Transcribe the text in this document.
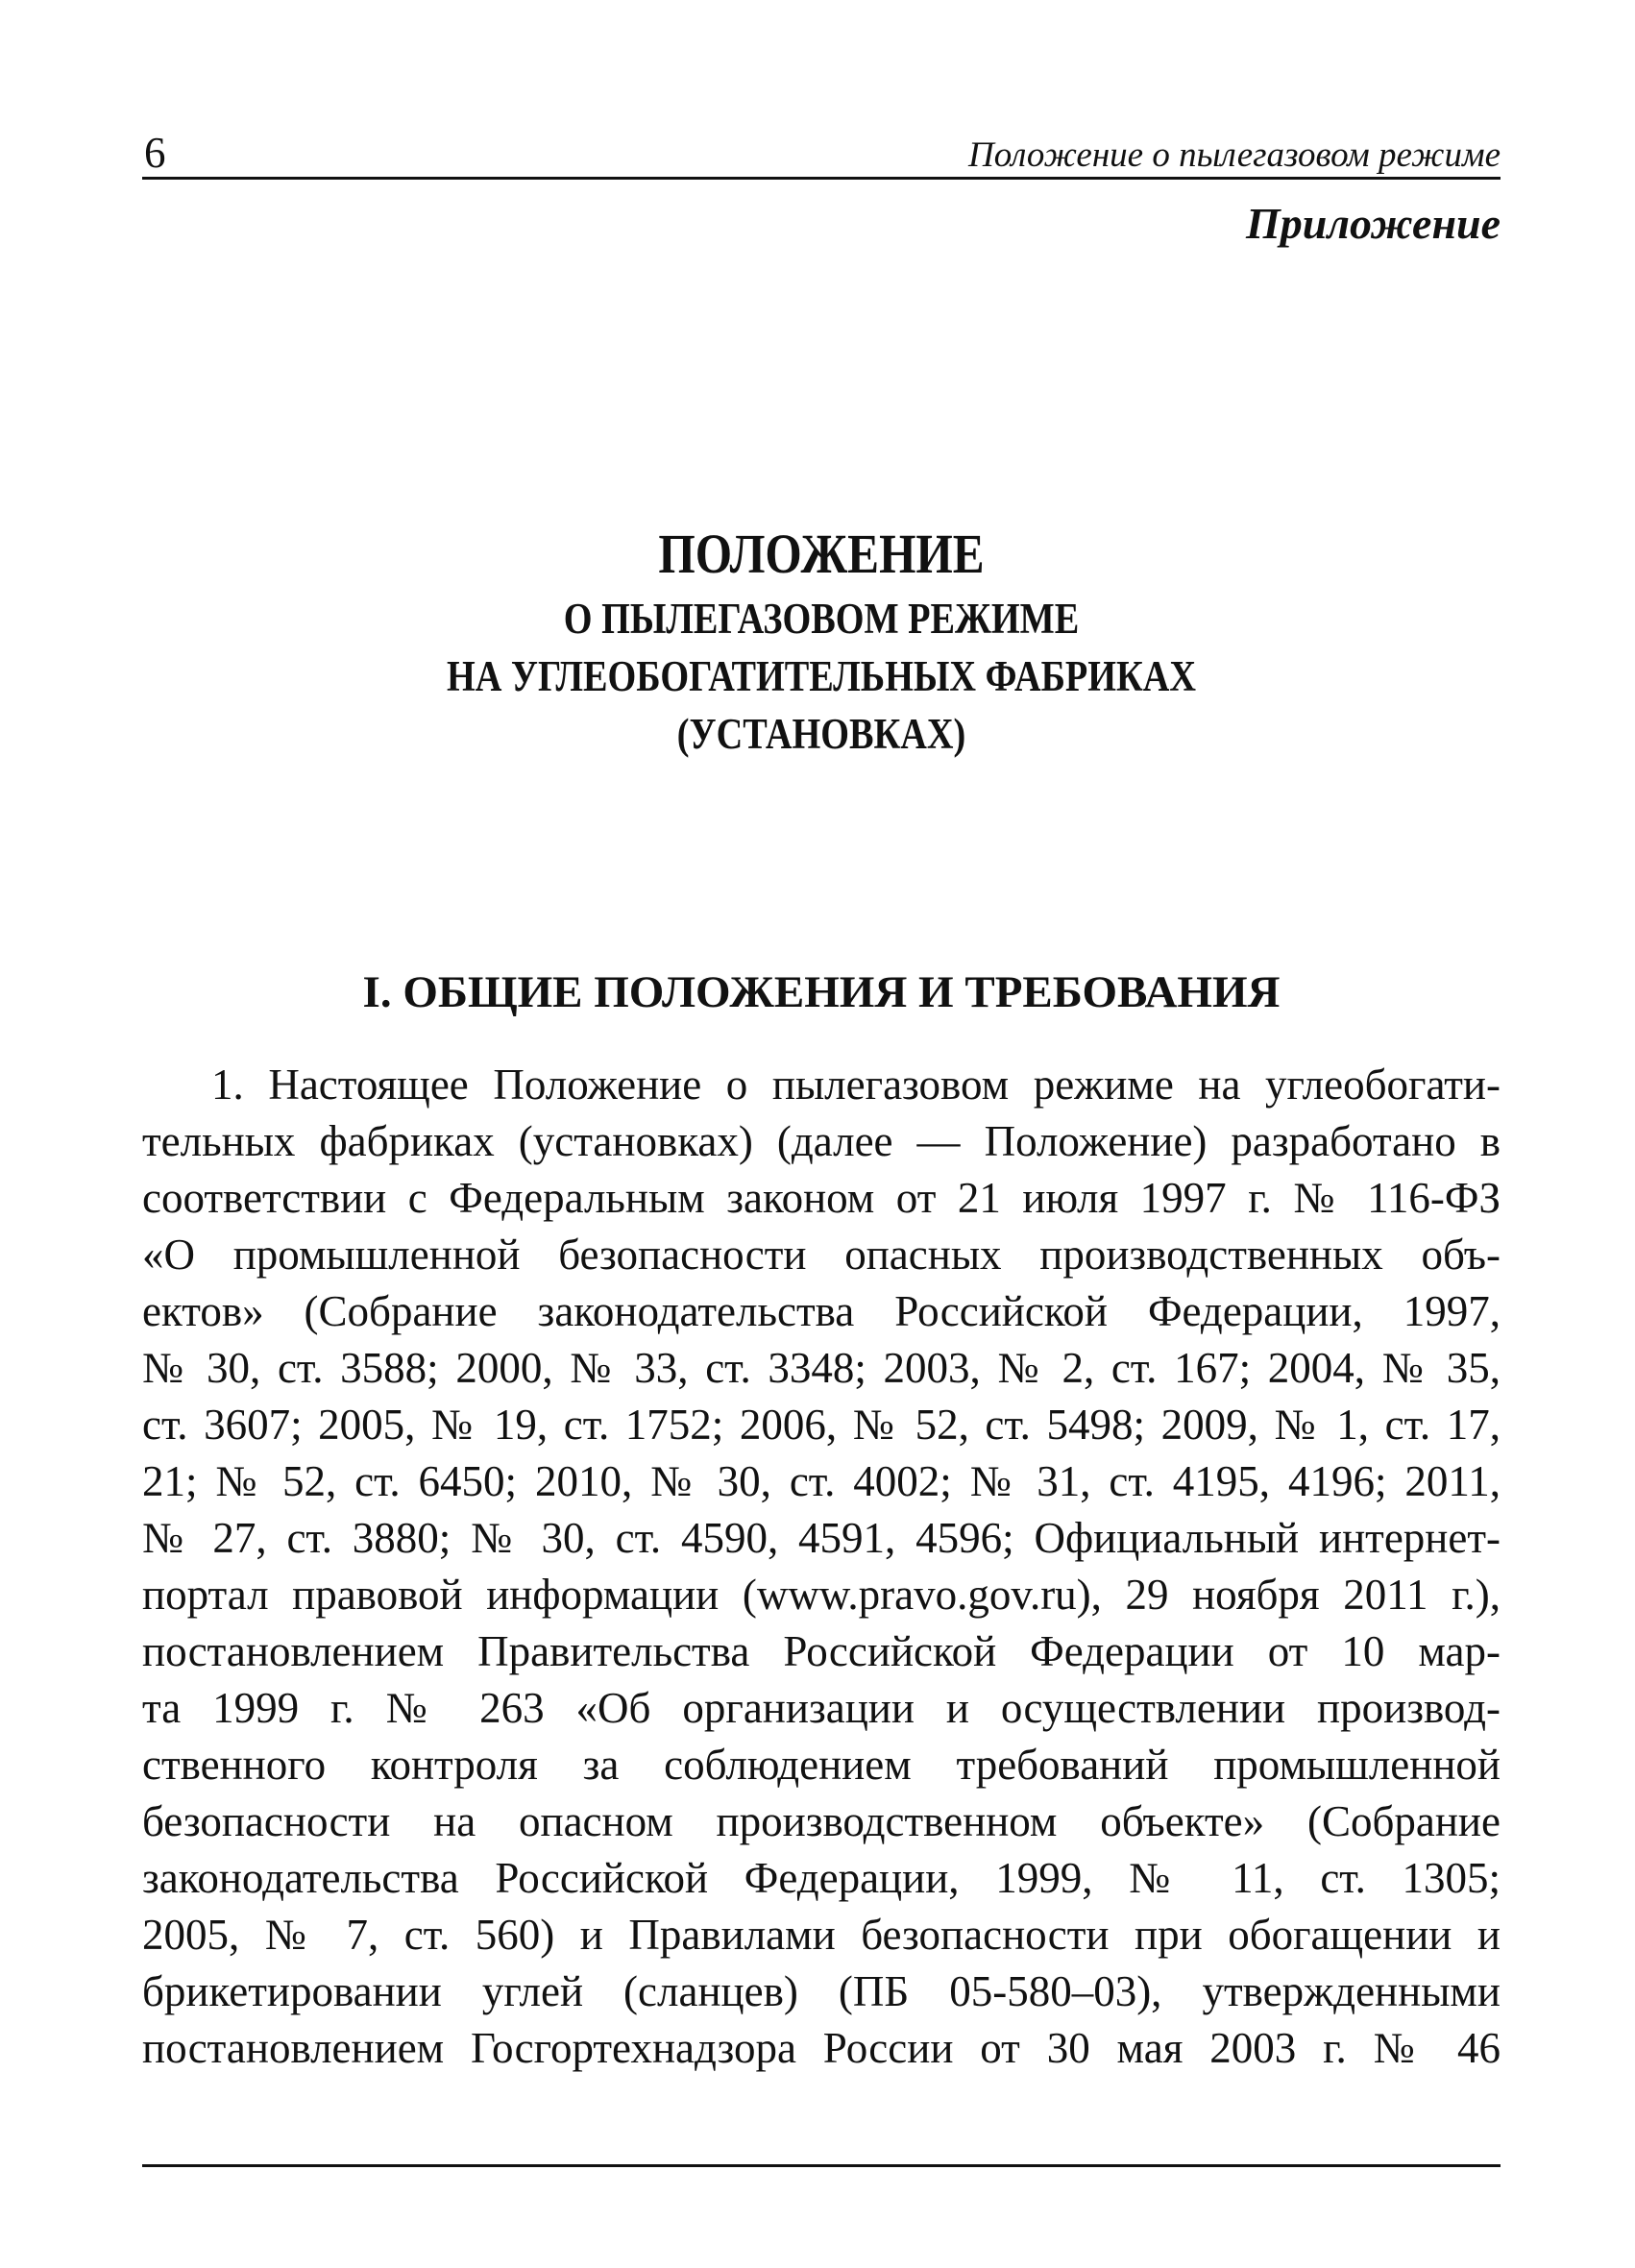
6	Положение о пылегазовом режиме
Приложение
ПОЛОЖЕНИЕ
О ПЫЛЕГАЗОВОМ РЕЖИМЕ
НА УГЛЕОБОГАТИТЕЛЬНЫХ ФАБРИКАХ
(УСТАНОВКАХ)
I. ОБЩИЕ ПОЛОЖЕНИЯ И ТРЕБОВАНИЯ
1. Настоящее Положение о пылегазовом режиме на углеобогати-
тельных фабриках (установках) (далее — Положение) разработано в
соответствии с Федеральным законом от 21 июля 1997 г. № 116-ФЗ
«О промышленной безопасности опасных производственных объ-
ектов» (Собрание законодательства Российской Федерации, 1997,
№ 30, ст. 3588; 2000, № 33, ст. 3348; 2003, № 2, ст. 167; 2004, № 35,
ст. 3607; 2005, № 19, ст. 1752; 2006, № 52, ст. 5498; 2009, № 1, ст. 17,
21; № 52, ст. 6450; 2010, № 30, ст. 4002; № 31, ст. 4195, 4196; 2011,
№ 27, ст. 3880; № 30, ст. 4590, 4591, 4596; Официальный интернет-
портал правовой информации (www.pravo.gov.ru), 29 ноября 2011 г.),
постановлением Правительства Российской Федерации от 10 мар-
та 1999 г. № 263 «Об организации и осуществлении производ-
ственного контроля за соблюдением требований промышленной
безопасности на опасном производственном объекте» (Собрание
законодательства Российской Федерации, 1999, № 11, ст. 1305;
2005, № 7, ст. 560) и Правилами безопасности при обогащении и
брикетировании углей (сланцев) (ПБ 05-580–03), утвержденными
постановлением Госгортехнадзора России от 30 мая 2003 г. № 46
